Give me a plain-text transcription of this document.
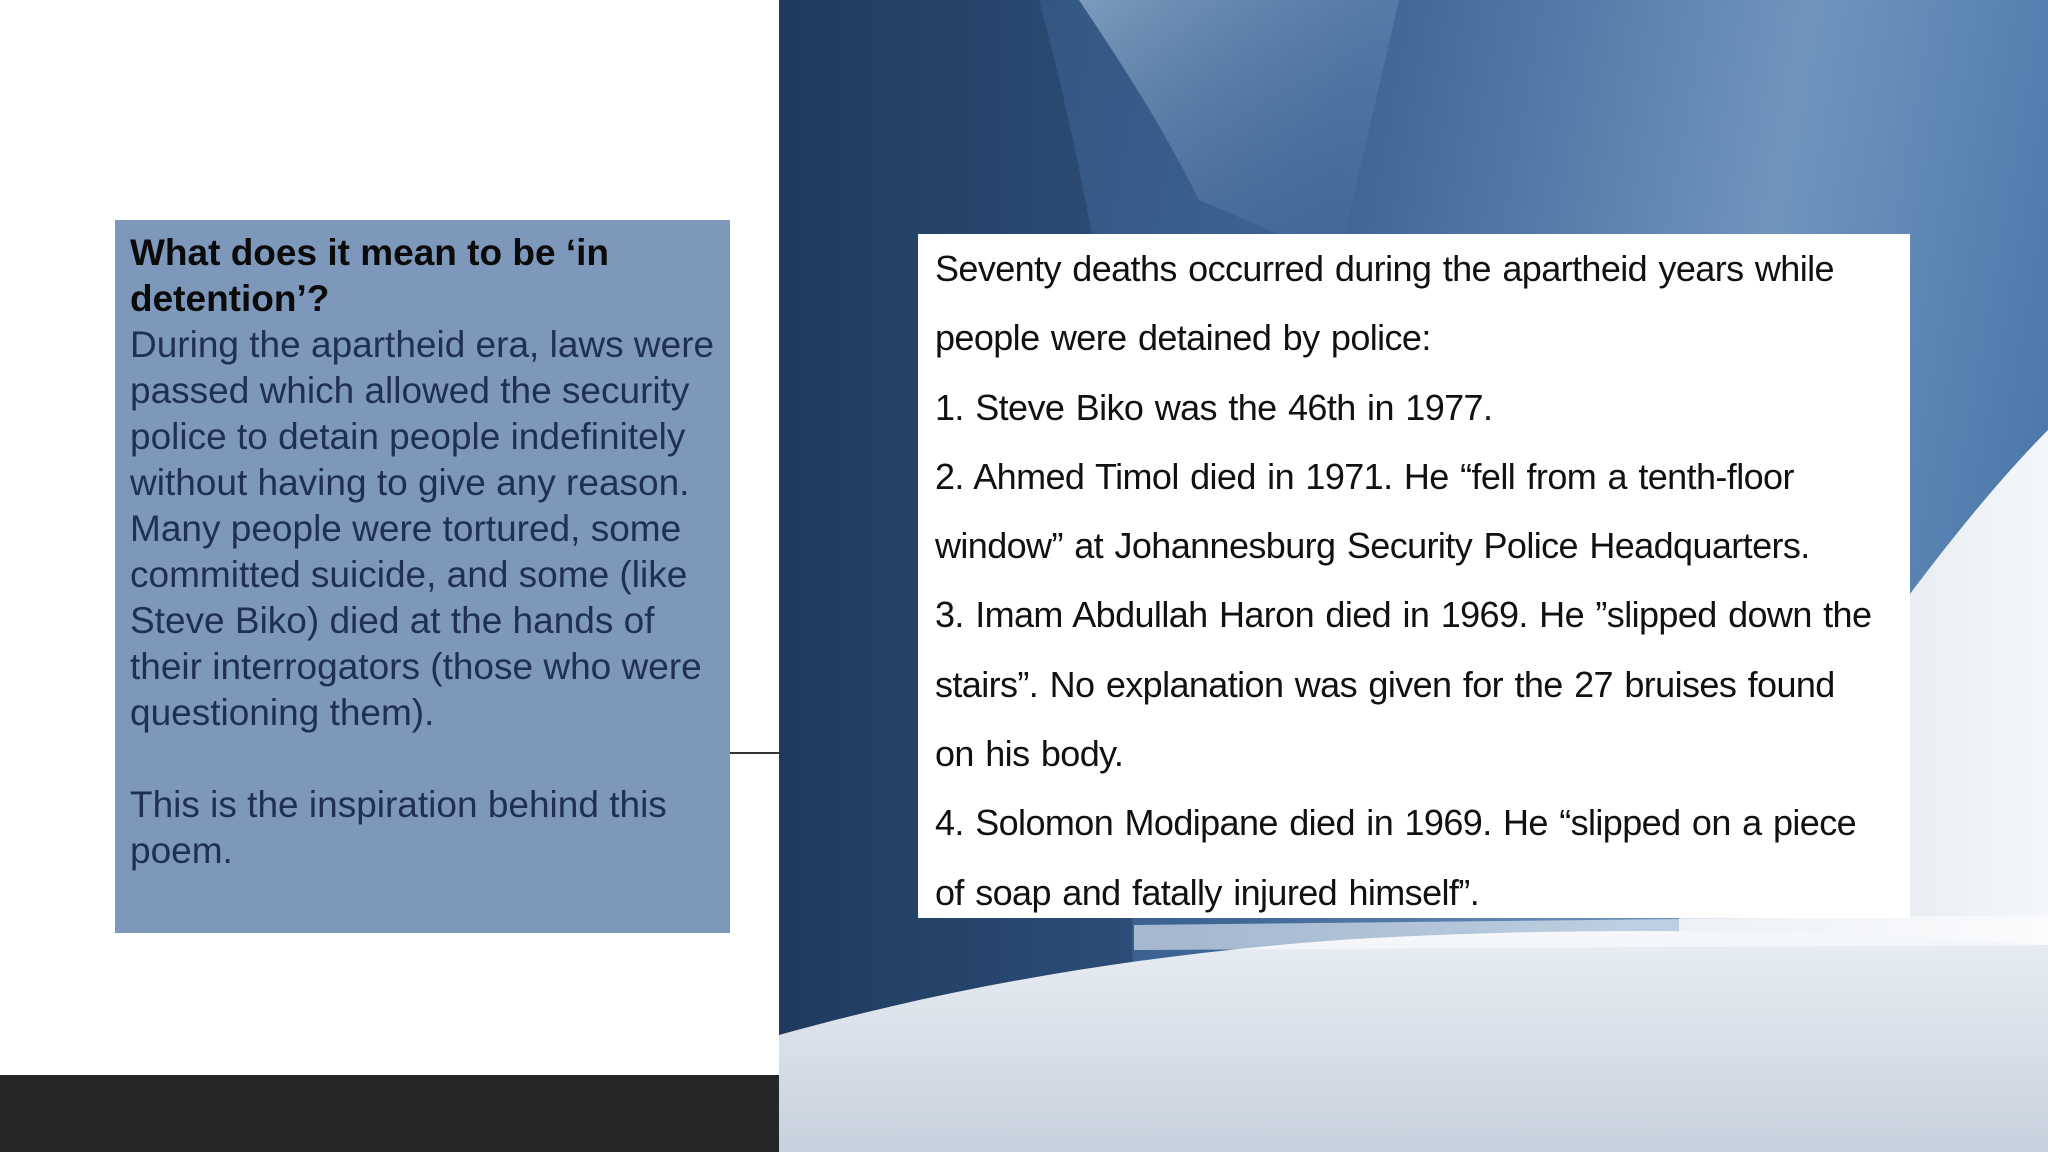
What does it mean to be ‘in detention’?
During the apartheid era, laws were passed which allowed the security police to detain people indefinitely without having to give any reason. Many people were tortured, some committed suicide, and some (like Steve Biko) died at the hands of their interrogators (those who were questioning them).
This is the inspiration behind this poem.
Seventy deaths occurred during the apartheid years while
people were detained by police:
1. Steve Biko was the 46th in 1977.
2. Ahmed Timol died in 1971. He “fell from a tenth-floor
window” at Johannesburg Security Police Headquarters.
3. Imam Abdullah Haron died in 1969. He ”slipped down the
stairs”. No explanation was given for the 27 bruises found
on his body.
4. Solomon Modipane died in 1969. He “slipped on a piece
of soap and fatally injured himself”.
